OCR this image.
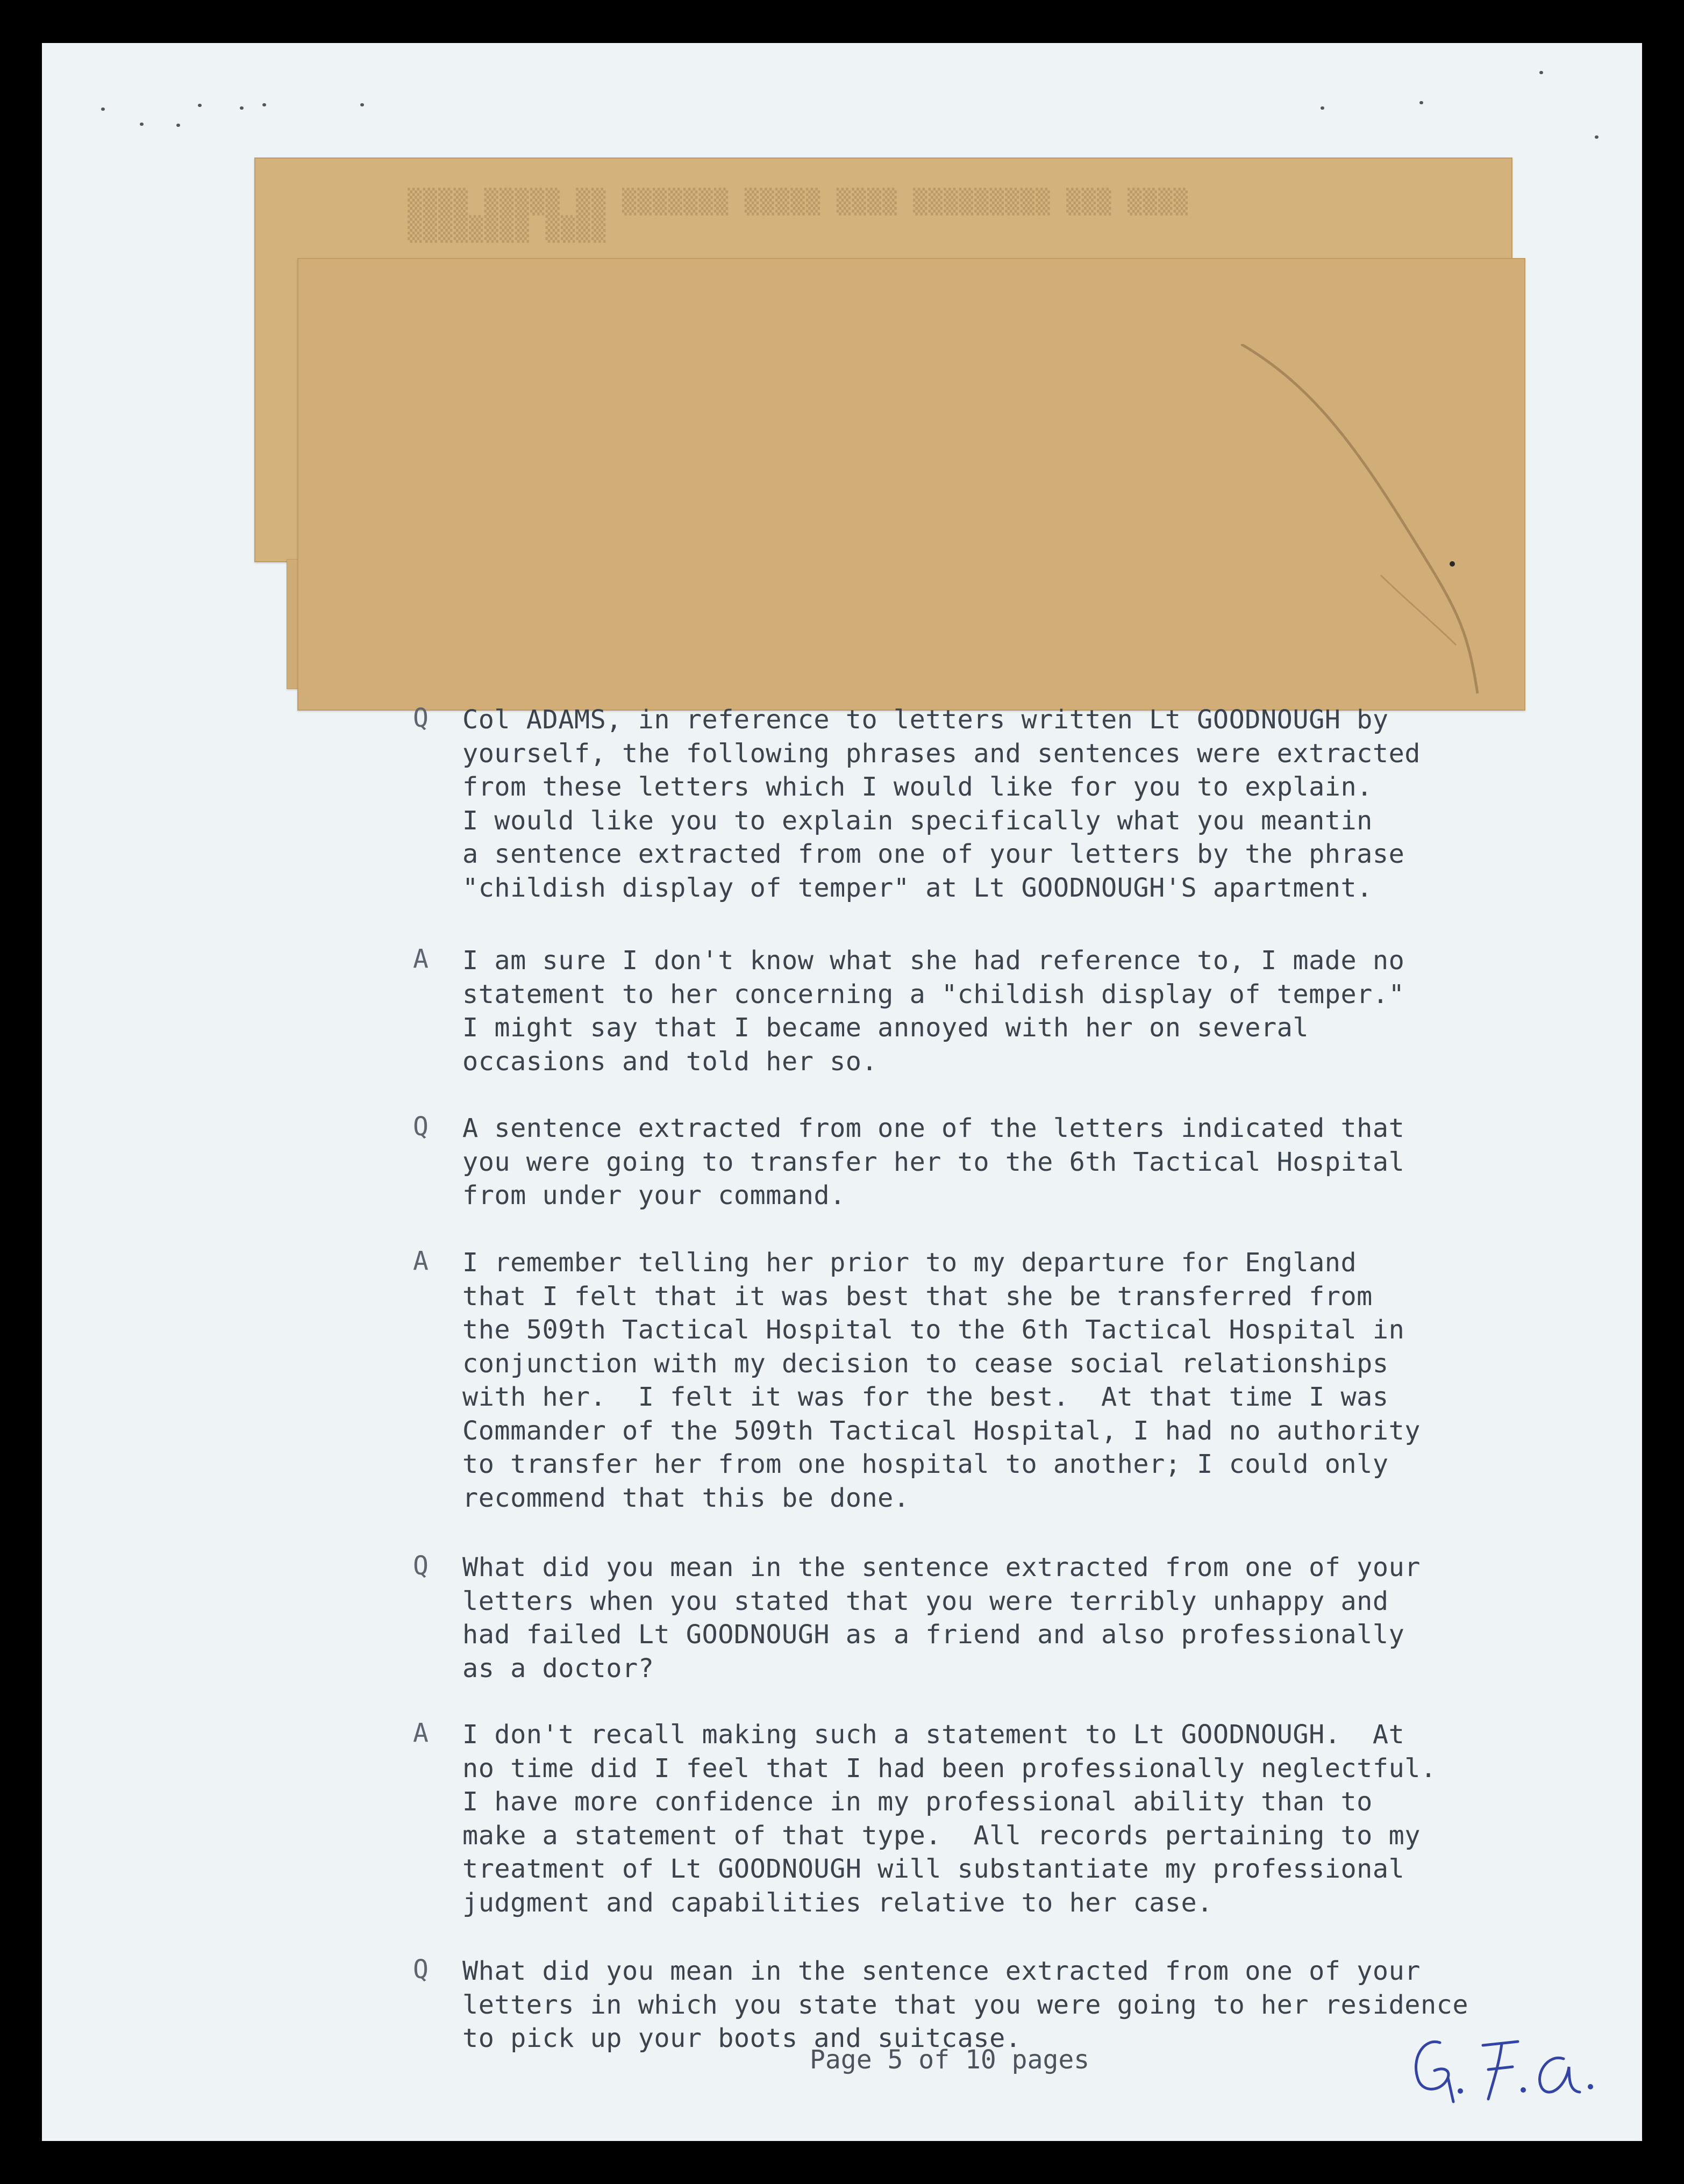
▒▒▒▒ ▒▒▒▒▒ ▒▒ ▒▒▒▒▒▒▒ ▒▒▒▒▒ ▒▒▒▒ ▒▒▒▒▒▒▒▒▒ ▒▒▒ ▒▒▒▒
▒▒▒▒▒▒▒▒ ▒▒▒▒
Q Col ADAMS, in reference to letters written Lt GOODNOUGH by
yourself, the following phrases and sentences were extracted
from these letters which I would like for you to explain.
I would like you to explain specifically what you meantin
a sentence extracted from one of your letters by the phrase
"childish display of temper" at Lt GOODNOUGH'S apartment.
A I am sure I don't know what she had reference to, I made no
statement to her concerning a "childish display of temper."
I might say that I became annoyed with her on several
occasions and told her so.
Q A sentence extracted from one of the letters indicated that
you were going to transfer her to the 6th Tactical Hospital
from under your command.
A I remember telling her prior to my departure for England
that I felt that it was best that she be transferred from
the 509th Tactical Hospital to the 6th Tactical Hospital in
conjunction with my decision to cease social relationships
with her.  I felt it was for the best.  At that time I was
Commander of the 509th Tactical Hospital, I had no authority
to transfer her from one hospital to another; I could only
recommend that this be done.
Q What did you mean in the sentence extracted from one of your
letters when you stated that you were terribly unhappy and
had failed Lt GOODNOUGH as a friend and also professionally
as a doctor?
A I don't recall making such a statement to Lt GOODNOUGH.  At
no time did I feel that I had been professionally neglectful.
I have more confidence in my professional ability than to
make a statement of that type.  All records pertaining to my
treatment of Lt GOODNOUGH will substantiate my professional
judgment and capabilities relative to her case.
Q What did you mean in the sentence extracted from one of your
letters in which you state that you were going to her residence
to pick up your boots and suitcase.
Page 5 of 10 pages
